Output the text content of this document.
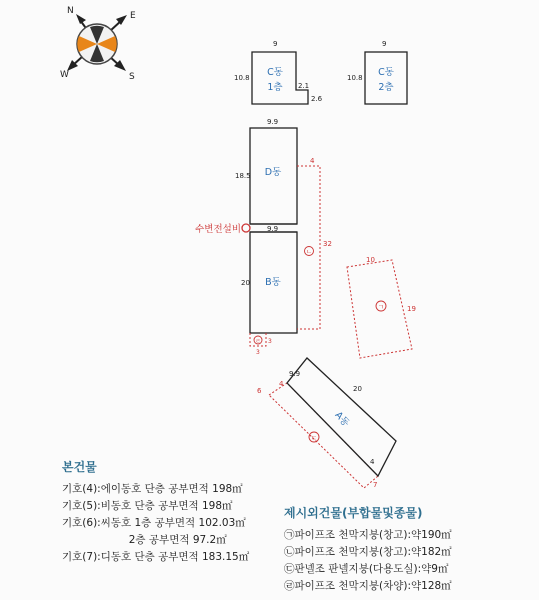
N	E
W	S
9
10.8
2.1
2.6
C동
1층
9
10.8 C동
2층
9.9
18.5 D동
수변전설비	9.9
20 B동
4
32
ㄴ
3
3
ㄹ
10
19
ㄱ
6
4
7
ㄷ
9.9
20
4
A동
본건물
기호(4):에이동호 단층 공부면적 198㎡
기호(5):비동호 단층 공부면적 198㎡
기호(6):씨동호 1층 공부면적 102.03㎡
2층 공부면적 97.2㎡
기호(7):디동호 단층 공부면적 183.15㎡
제시외건물(부합물및종물)
㉠파이프조 천막지붕(창고):약190㎡
㉡파이프조 천막지붕(창고):약182㎡
㉢판넬조 판넬지붕(다용도실):약9㎡
㉣파이프조 천막지붕(차양):약128㎡
